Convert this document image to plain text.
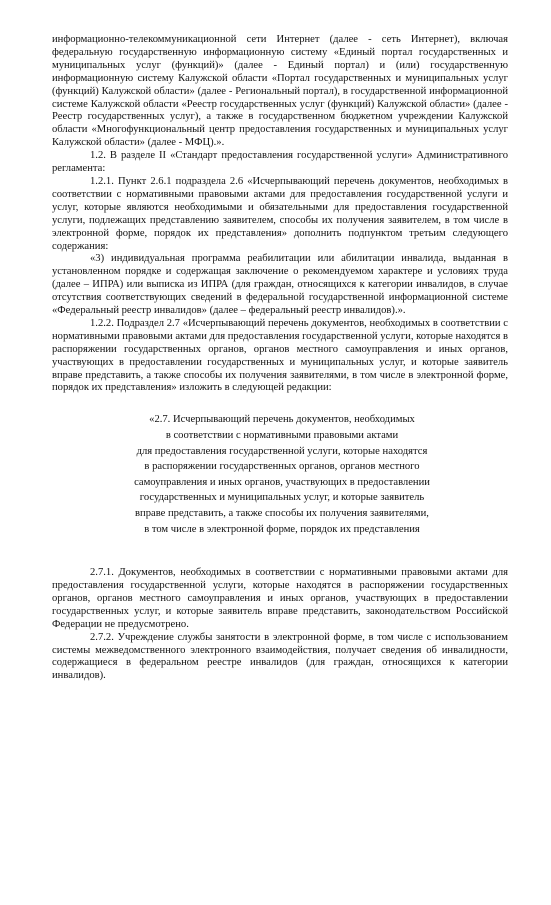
информационно-телекоммуникационной сети Интернет (далее - сеть Интернет), включая федеральную государственную информационную систему «Единый портал государственных и муниципальных услуг (функций)» (далее - Единый портал) и (или) государственную информационную систему Калужской области «Портал государственных и муниципальных услуг (функций) Калужской области» (далее - Региональный портал), в государственной информационной системе Калужской области «Реестр государственных услуг (функций) Калужской области» (далее - Реестр государственных услуг), а также в государственном бюджетном учреждении Калужской области «Многофункциональный центр предоставления государственных и муниципальных услуг Калужской области» (далее - МФЦ).».

1.2. В разделе II «Стандарт предоставления государственной услуги» Административного регламента:

1.2.1. Пункт 2.6.1 подраздела 2.6 «Исчерпывающий перечень документов, необходимых в соответствии с нормативными правовыми актами для предоставления государственной услуги и услуг, которые являются необходимыми и обязательными для предоставления государственной услуги, подлежащих представлению заявителем, способы их получения заявителем, в том числе в электронной форме, порядок их представления» дополнить подпунктом третьим следующего содержания:

«3) индивидуальная программа реабилитации или абилитации инвалида, выданная в установленном порядке и содержащая заключение о рекомендуемом характере и условиях труда (далее – ИПРА) или выписка из ИПРА (для граждан, относящихся к категории инвалидов, в случае отсутствия соответствующих сведений в федеральной государственной информационной системе «Федеральный реестр инвалидов» (далее – федеральный реестр инвалидов).».

1.2.2. Подраздел 2.7 «Исчерпывающий перечень документов, необходимых в соответствии с нормативными правовыми актами для предоставления государственной услуги, которые находятся в распоряжении государственных органов, органов местного самоуправления и иных органов, участвующих в предоставлении государственных и муниципальных услуг, и которые заявитель вправе представить, а также способы их получения заявителями, в том числе в электронной форме, порядок их представления» изложить в следующей редакции:

«2.7. Исчерпывающий перечень документов, необходимых

в соответствии с нормативными правовыми актами

для предоставления государственной услуги, которые находятся

в распоряжении государственных органов, органов местного

самоуправления и иных органов, участвующих в предоставлении

государственных и муниципальных услуг, и которые заявитель

вправе представить, а также способы их получения заявителями,

в том числе в электронной форме, порядок их представления

2.7.1. Документов, необходимых в соответствии с нормативными правовыми актами для предоставления государственной услуги, которые находятся в распоряжении государственных органов, органов местного самоуправления и иных органов, участвующих в предоставлении государственных услуг, и которые заявитель вправе представить, законодательством Российской Федерации не предусмотрено.

2.7.2. Учреждение службы занятости в электронной форме, в том числе с использованием системы межведомственного электронного взаимодействия, получает сведения об инвалидности, содержащиеся в федеральном реестре инвалидов (для граждан, относящихся к категории инвалидов).
